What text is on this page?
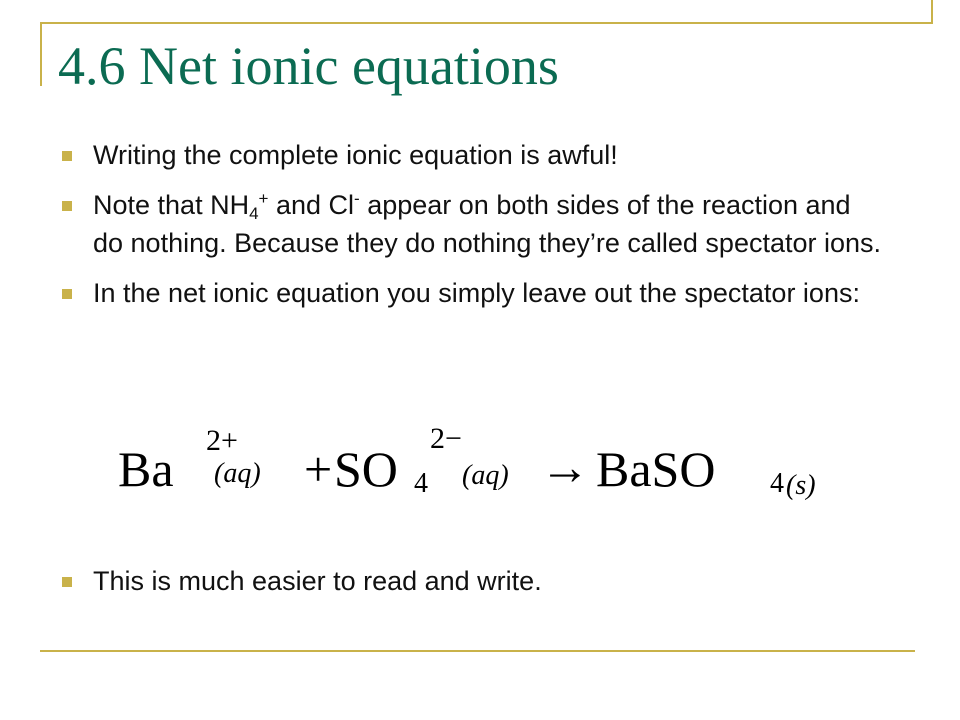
4.6 Net ionic equations
Writing the complete ionic equation is awful!
Note that $NH_4^+$ and Cl- appear on both sides of the reaction and do nothing. Because they do nothing they’re called spectator ions.
In the net ionic equation you simply leave out the spectator ions:
Ba
2+
(aq) + SO 4
2−
(aq) → BaSO 4 (s)
This is much easier to read and write.
